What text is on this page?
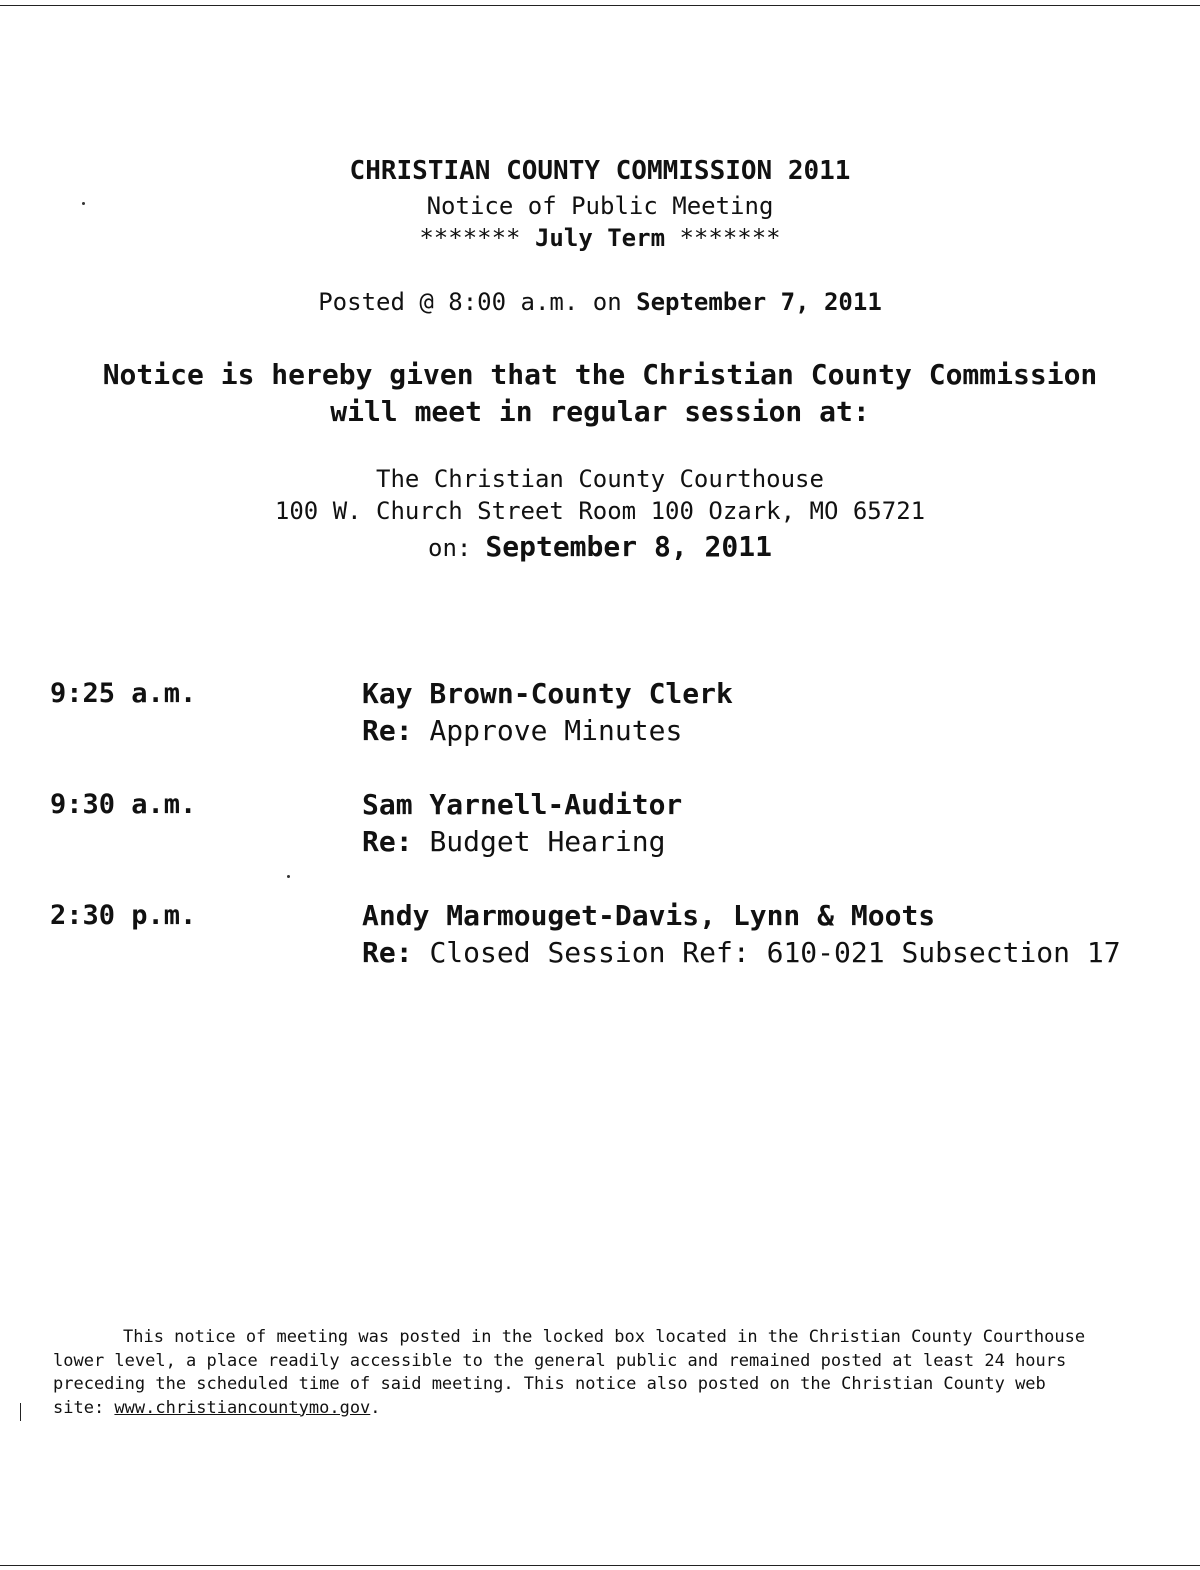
CHRISTIAN COUNTY COMMISSION 2011
Notice of Public Meeting
******* July Term *******
Posted @ 8:00 a.m. on September 7, 2011
Notice is hereby given that the Christian County Commission
will meet in regular session at:
The Christian County Courthouse
100 W. Church Street Room 100 Ozark, MO 65721
on: September 8, 2011
9:25 a.m.	Kay Brown-County Clerk
Re: Approve Minutes
9:30 a.m.	Sam Yarnell-Auditor
Re: Budget Hearing
2:30 p.m.	Andy Marmouget-Davis, Lynn & Moots
Re: Closed Session Ref: 610-021 Subsection 17

This notice of meeting was posted in the locked box located in the Christian County Courthouse

lower level, a place readily accessible to the general public and remained posted at least 24 hours

preceding the scheduled time of said meeting. This notice also posted on the Christian County web

site: www.christiancountymo.gov.
